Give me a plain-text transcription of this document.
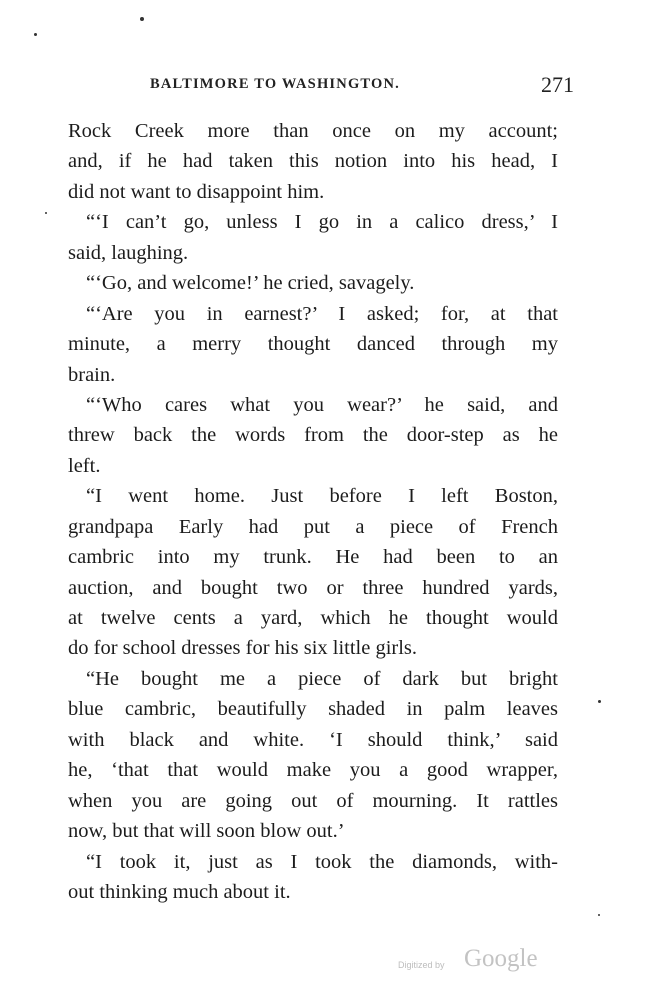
BALTIMORE TO WASHINGTON.	271
Rock Creek more than once on my account;
and, if he had taken this notion into his head, I
did not want to disappoint him.
“‘I can’t go, unless I go in a calico dress,’ I
said, laughing.
“‘Go, and welcome!’ he cried, savagely.
“‘Are you in earnest?’ I asked; for, at that
minute, a merry thought danced through my
brain.
“‘Who cares what you wear?’ he said, and
threw back the words from the door-step as he
left.
“I went home. Just before I left Boston,
grandpapa Early had put a piece of French
cambric into my trunk. He had been to an
auction, and bought two or three hundred yards,
at twelve cents a yard, which he thought would
do for school dresses for his six little girls.
“He bought me a piece of dark but bright
blue cambric, beautifully shaded in palm leaves
with black and white. ‘I should think,’ said
he, ‘that that would make you a good wrapper,
when you are going out of mourning. It rattles
now, but that will soon blow out.’
“I took it, just as I took the diamonds, with-
out thinking much about it.
Digitized by Google
